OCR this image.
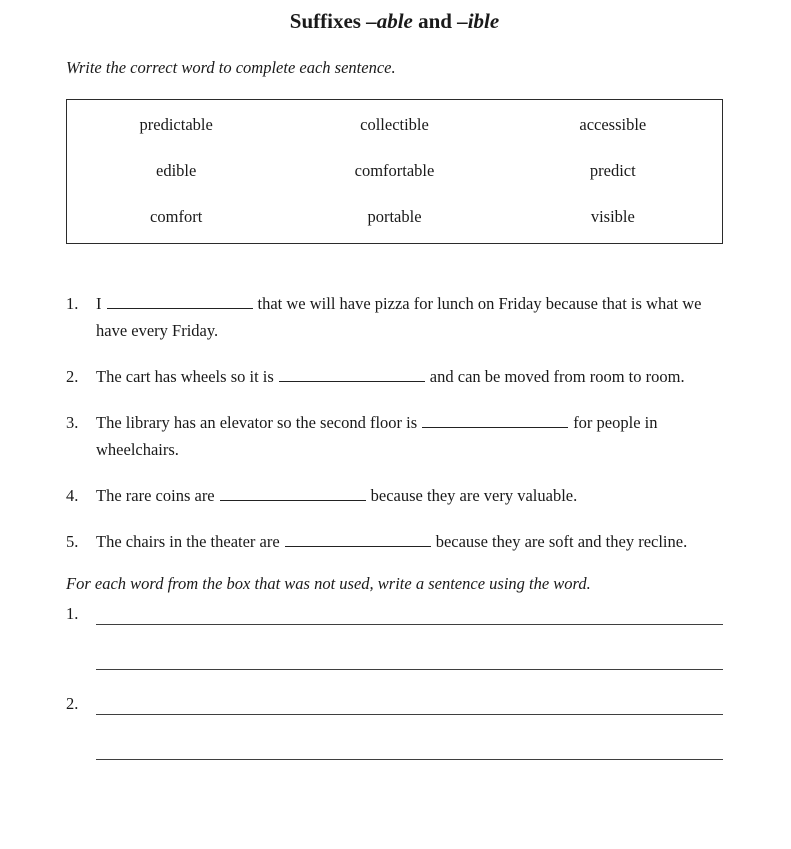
Suffixes –able and –ible

Write the correct word to complete each sentence.

predictable	collectible	accessible
edible	comfortable	predict
comfort	portable	visible
1.	I	that we will have pizza for lunch on Friday because that is what we have every Friday.
2.	The cart has wheels so it is	and can be moved from room to room.
3.	The library has an elevator so the second floor is	for people in wheelchairs.
4.	The rare coins are	because they are very valuable.
5.	The chairs in the theater are	because they are soft and they recline.

For each word from the box that was not used, write a sentence using the word.

1.
2.
